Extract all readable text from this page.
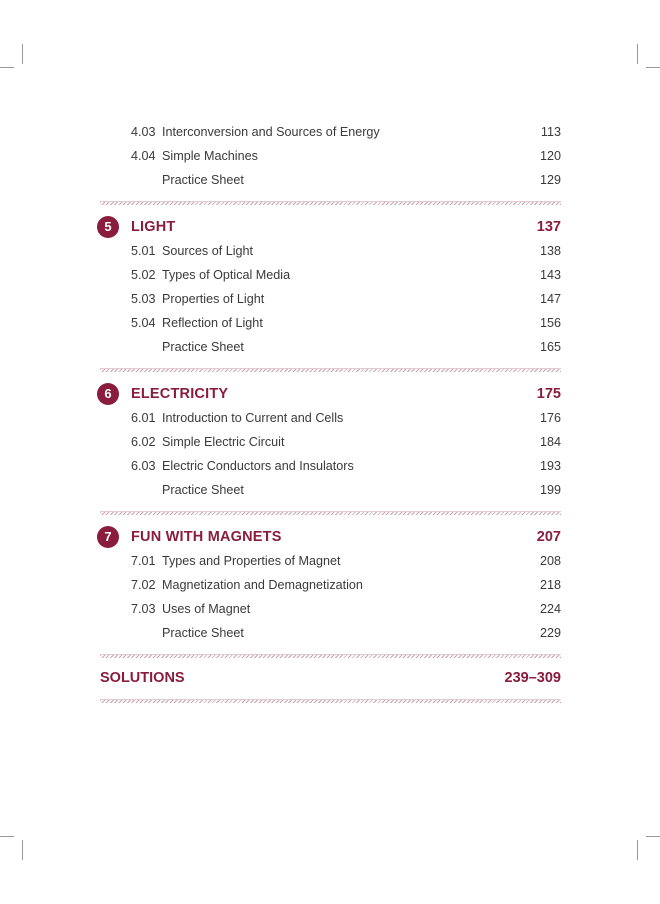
4.03 Interconversion and Sources of Energy	113
4.04 Simple Machines	120
Practice Sheet	129
5	LIGHT	137
5.01 Sources of Light	138
5.02 Types of Optical Media	143
5.03 Properties of Light	147
5.04 Reflection of Light	156
Practice Sheet	165
6	ELECTRICITY	175
6.01 Introduction to Current and Cells	176
6.02 Simple Electric Circuit	184
6.03 Electric Conductors and Insulators	193
Practice Sheet	199
7	FUN WITH MAGNETS	207
7.01 Types and Properties of Magnet	208
7.02 Magnetization and Demagnetization	218
7.03 Uses of Magnet	224
Practice Sheet	229
SOLUTIONS	239–309
